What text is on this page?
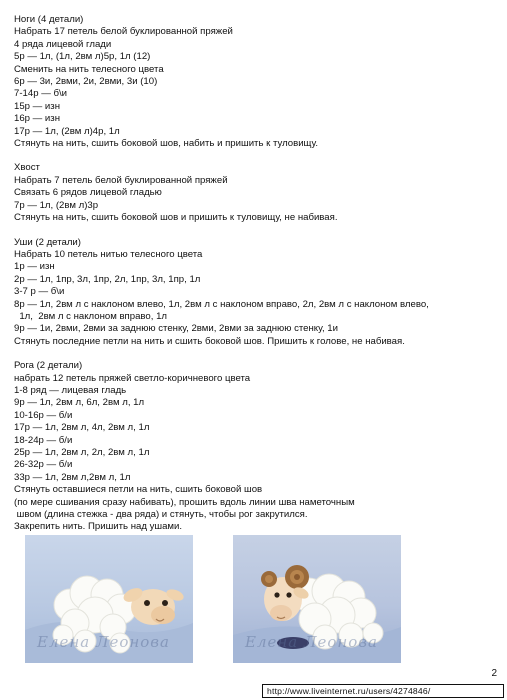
Ноги (4 детали)
Набрать 17 петель белой буклированной пряжей
4 ряда лицевой глади
5р — 1л, (1л, 2вм л)5р, 1л (12)
Сменить на нить телесного цвета
6р — 3и, 2вми, 2и, 2вми, 3и (10)
7-14р — б\и
15р — изн
16р — изн
17р — 1л, (2вм л)4р, 1л
Стянуть на нить, сшить боковой шов, набить и пришить к туловищу.
Хвост
Набрать 7 петель белой буклированной пряжей
Связать 6 рядов лицевой гладью
7р — 1л, (2вм л)3р
Стянуть на нить, сшить боковой шов и пришить к туловищу, не набивая.
Уши (2 детали)
Набрать 10 петель нитью телесного цвета
1р — изн
2р — 1л, 1пр, 3л, 1пр, 2л, 1пр, 3л, 1пр, 1л
3-7 р — б\и
8р — 1л, 2вм л с наклоном влево, 1л, 2вм л с наклоном вправо, 2л, 2вм л с наклоном влево,
1л,  2вм л с наклоном вправо, 1л
9р — 1и, 2вми, 2вми за заднюю стенку, 2вми, 2вми за заднюю стенку, 1и
Стянуть последние петли на нить и сшить боковой шов. Пришить к голове, не набивая.
Рога (2 детали)
набрать 12 петель пряжей светло-коричневого цвета
1-8 ряд — лицевая гладь
9р — 1л, 2вм л, 6л, 2вм л, 1л
10-16р — б/и
17р — 1л, 2вм л, 4л, 2вм л, 1л
18-24р — б/и
25р — 1л, 2вм л, 2л, 2вм л, 1л
26-32р — б/и
33р — 1л, 2вм л,2вм л, 1л
Стянуть оставшиеся петли на нить, сшить боковой шов
(по мере сшивания сразу набивать), прошить вдоль линии шва наметочным
швом (длина стежка - два ряда) и стянуть, чтобы рог закрутился.
Закрепить нить. Пришить над ушами.
Елена Леонова	Елена Леонова
2
http://www.liveinternet.ru/users/4274846/
